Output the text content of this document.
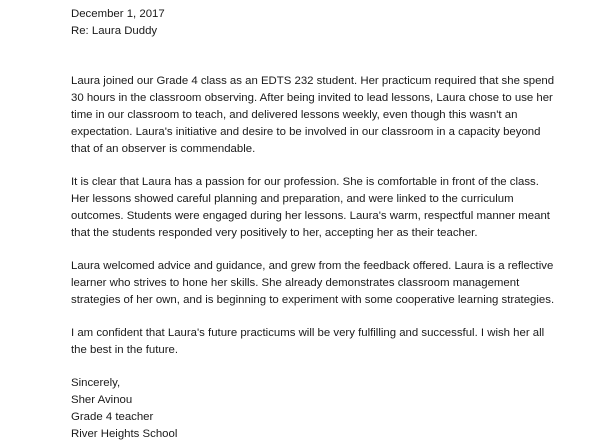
December 1, 2017
Re: Laura Duddy
Laura joined our Grade 4 class as an EDTS 232 student. Her practicum required that she spend
30 hours in the classroom observing. After being invited to lead lessons, Laura chose to use her
time in our classroom to teach, and delivered lessons weekly, even though this wasn't an
expectation. Laura's initiative and desire to be involved in our classroom in a capacity beyond
that of an observer is commendable.
It is clear that Laura has a passion for our profession. She is comfortable in front of the class.
Her lessons showed careful planning and preparation, and were linked to the curriculum
outcomes. Students were engaged during her lessons. Laura's warm, respectful manner meant
that the students responded very positively to her, accepting her as their teacher.
Laura welcomed advice and guidance, and grew from the feedback offered. Laura is a reflective
learner who strives to hone her skills. She already demonstrates classroom management
strategies of her own, and is beginning to experiment with some cooperative learning strategies.
I am confident that Laura's future practicums will be very fulfilling and successful. I wish her all
the best in the future.
Sincerely,
Sher Avinou
Grade 4 teacher
River Heights School
